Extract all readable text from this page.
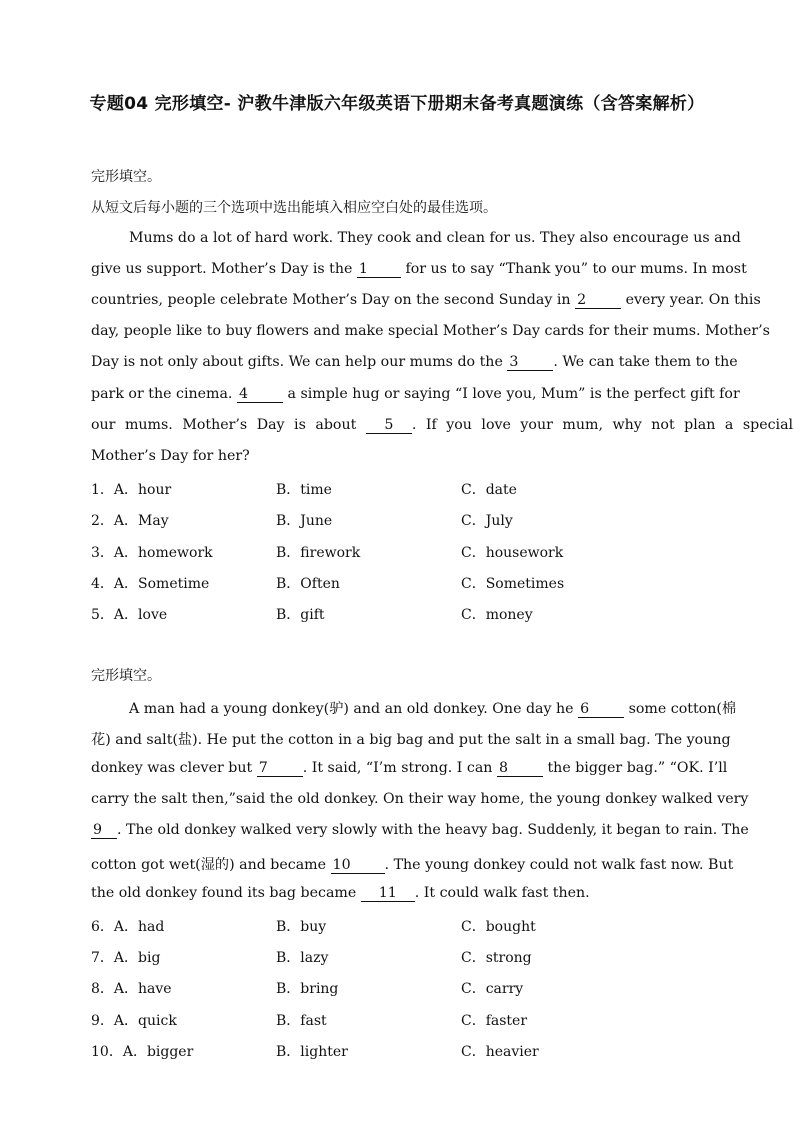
专题04 完形填空- 沪教牛津版六年级英语下册期末备考真题演练（含答案解析）
完形填空。
从短文后每小题的三个选项中选出能填入相应空白处的最佳选项。
Mums do a lot of hard work. They cook and clean for us. They also encourage us and
give us support. Mother’s Day is the 1	for us to say “Thank you” to our mums. In most
countries, people celebrate Mother’s Day on the second Sunday in 2	every year. On this
day, people like to buy flowers and make special Mother’s Day cards for their mums. Mother’s
Day is not only about gifts. We can help our mums do the 3 . We can take them to the
park or the cinema. 4	a simple hug or saying “I love you, Mum” is the perfect gift for
our mums. Mother’s Day is about 5 . If you love your mum, why not plan a special
Mother’s Day for her?
1．A．hour	B．time	C．date
2．A．May	B．June	C．July
3．A．homework	B．firework	C．housework
4．A．Sometime	B．Often	C．Sometimes
5．A．love	B．gift	C．money
完形填空。
A man had a young donkey(驴) and an old donkey. One day he 6	some cotton(棉
花) and salt(盐). He put the cotton in a big bag and put the salt in a small bag. The young
donkey was clever but 7 . It said, “I’m strong. I can 8	the bigger bag.” “OK. I’ll
carry the salt then,”said the old donkey. On their way home, the young donkey walked very
9 . The old donkey walked very slowly with the heavy bag. Suddenly, it began to rain. The
cotton got wet(湿的) and became 10 . The young donkey could not walk fast now. But
the old donkey found its bag became 11 . It could walk fast then.
6．A．had	B．buy	C．bought
7．A．big	B．lazy	C．strong
8．A．have	B．bring	C．carry
9．A．quick	B．fast	C．faster
10．A．bigger	B．lighter	C．heavier
